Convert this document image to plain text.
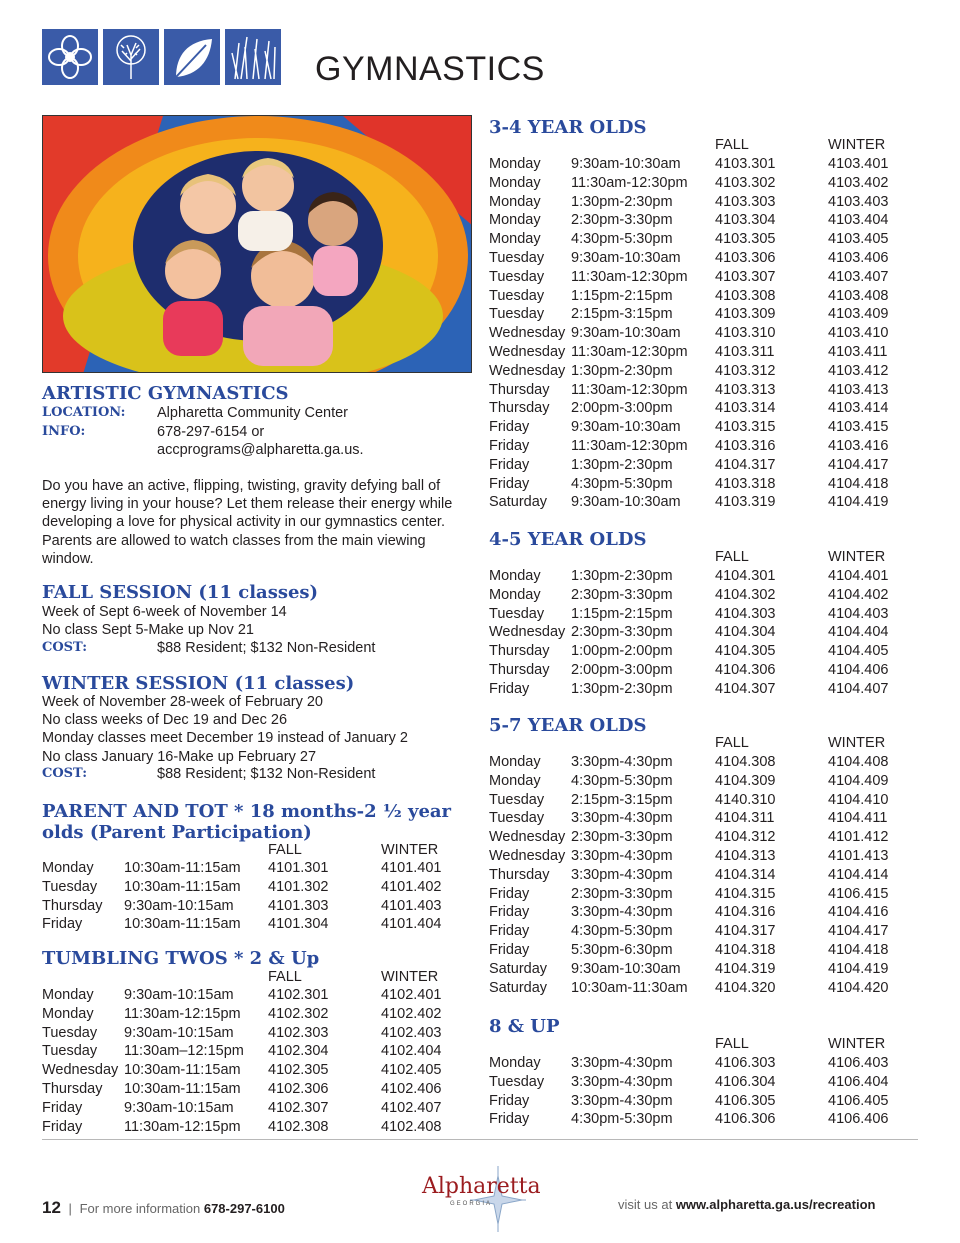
GYMNASTICS
ARTISTIC GYMNASTICS
LOCATION: Alpharetta Community Center
INFO:	678-297-6154 or
accprograms@alpharetta.ga.us.
Do you have an active, flipping, twisting, gravity defying ball of
energy living in your house? Let them release their energy while
developing a love for physical activity in our gymnastics center.
Parents are allowed to watch classes from the main viewing
window.
FALL SESSION (11 classes)
Week of Sept 6-week of November 14
No class Sept 5-Make up Nov 21
COST:	$88 Resident; $132 Non-Resident
WINTER SESSION (11 classes)
Week of November 28-week of February 20
No class weeks of Dec 19 and Dec 26
Monday classes meet December 19 instead of January 2
No class January 16-Make up February 27
COST:	$88 Resident; $132 Non-Resident
PARENT AND TOT * 18 months-2 ½ year
olds (Parent Participation)
FALL	WINTER
Monday 10:30am-11:15am 4101.301	4101.401
Tuesday 10:30am-11:15am 4101.302	4101.402
Thursday 9:30am-10:15am 4101.303	4101.403
Friday	10:30am-11:15am 4101.304	4101.404
TUMBLING TWOS * 2 & Up
FALL	WINTER
Monday 9:30am-10:15am 4102.301	4102.401
Monday 11:30am-12:15pm 4102.302	4102.402
Tuesday 9:30am-10:15am 4102.303	4102.403
Tuesday 11:30am–12:15pm 4102.304	4102.404
Wednesday 10:30am-11:15am 4102.305	4102.405
Thursday 10:30am-11:15am 4102.306	4102.406
Friday	9:30am-10:15am 4102.307	4102.407
Friday	11:30am-12:15pm 4102.308	4102.408
3-4 YEAR OLDS
FALL	WINTER
Monday 9:30am-10:30am 4103.301	4103.401
Monday 11:30am-12:30pm 4103.302	4103.402
Monday 1:30pm-2:30pm	4103.303	4103.403
Monday 2:30pm-3:30pm	4103.304	4103.404
Monday 4:30pm-5:30pm	4103.305	4103.405
Tuesday 9:30am-10:30am 4103.306	4103.406
Tuesday 11:30am-12:30pm 4103.307	4103.407
Tuesday 1:15pm-2:15pm	4103.308	4103.408
Tuesday 2:15pm-3:15pm	4103.309	4103.409
Wednesday 9:30am-10:30am 4103.310	4103.410
Wednesday 11:30am-12:30pm 4103.311	4103.411
Wednesday 1:30pm-2:30pm	4103.312	4103.412
Thursday 11:30am-12:30pm 4103.313	4103.413
Thursday 2:00pm-3:00pm	4103.314	4103.414
Friday	9:30am-10:30am 4103.315	4103.415
Friday	11:30am-12:30pm 4103.316	4103.416
Friday	1:30pm-2:30pm	4104.317	4104.417
Friday	4:30pm-5:30pm	4103.318	4104.418
Saturday 9:30am-10:30am 4103.319	4104.419
4-5 YEAR OLDS
FALL	WINTER
Monday 1:30pm-2:30pm	4104.301	4104.401
Monday 2:30pm-3:30pm	4104.302	4104.402
Tuesday 1:15pm-2:15pm	4104.303	4104.403
Wednesday 2:30pm-3:30pm	4104.304	4104.404
Thursday 1:00pm-2:00pm	4104.305	4104.405
Thursday 2:00pm-3:00pm	4104.306	4104.406
Friday	1:30pm-2:30pm	4104.307	4104.407
5-7 YEAR OLDS
FALL	WINTER
Monday 3:30pm-4:30pm	4104.308	4104.408
Monday 4:30pm-5:30pm	4104.309	4104.409
Tuesday 2:15pm-3:15pm	4140.310	4104.410
Tuesday 3:30pm-4:30pm	4104.311	4104.411
Wednesday 2:30pm-3:30pm	4104.312	4101.412
Wednesday 3:30pm-4:30pm	4104.313	4101.413
Thursday 3:30pm-4:30pm	4104.314	4104.414
Friday	2:30pm-3:30pm	4104.315	4106.415
Friday	3:30pm-4:30pm	4104.316	4104.416
Friday	4:30pm-5:30pm	4104.317	4104.417
Friday	5:30pm-6:30pm	4104.318	4104.418
Saturday 9:30am-10:30am 4104.319	4104.419
Saturday 10:30am-11:30am 4104.320	4104.420
8 & UP
FALL	WINTER
Monday 3:30pm-4:30pm	4106.303	4106.403
Tuesday 3:30pm-4:30pm	4106.304	4106.404
Friday	3:30pm-4:30pm	4106.305	4106.405
Friday	4:30pm-5:30pm	4106.306	4106.406
12 | For more information 678-297-6100
Alpharetta
GEORGIA	visit us at www.alpharetta.ga.us/recreation
